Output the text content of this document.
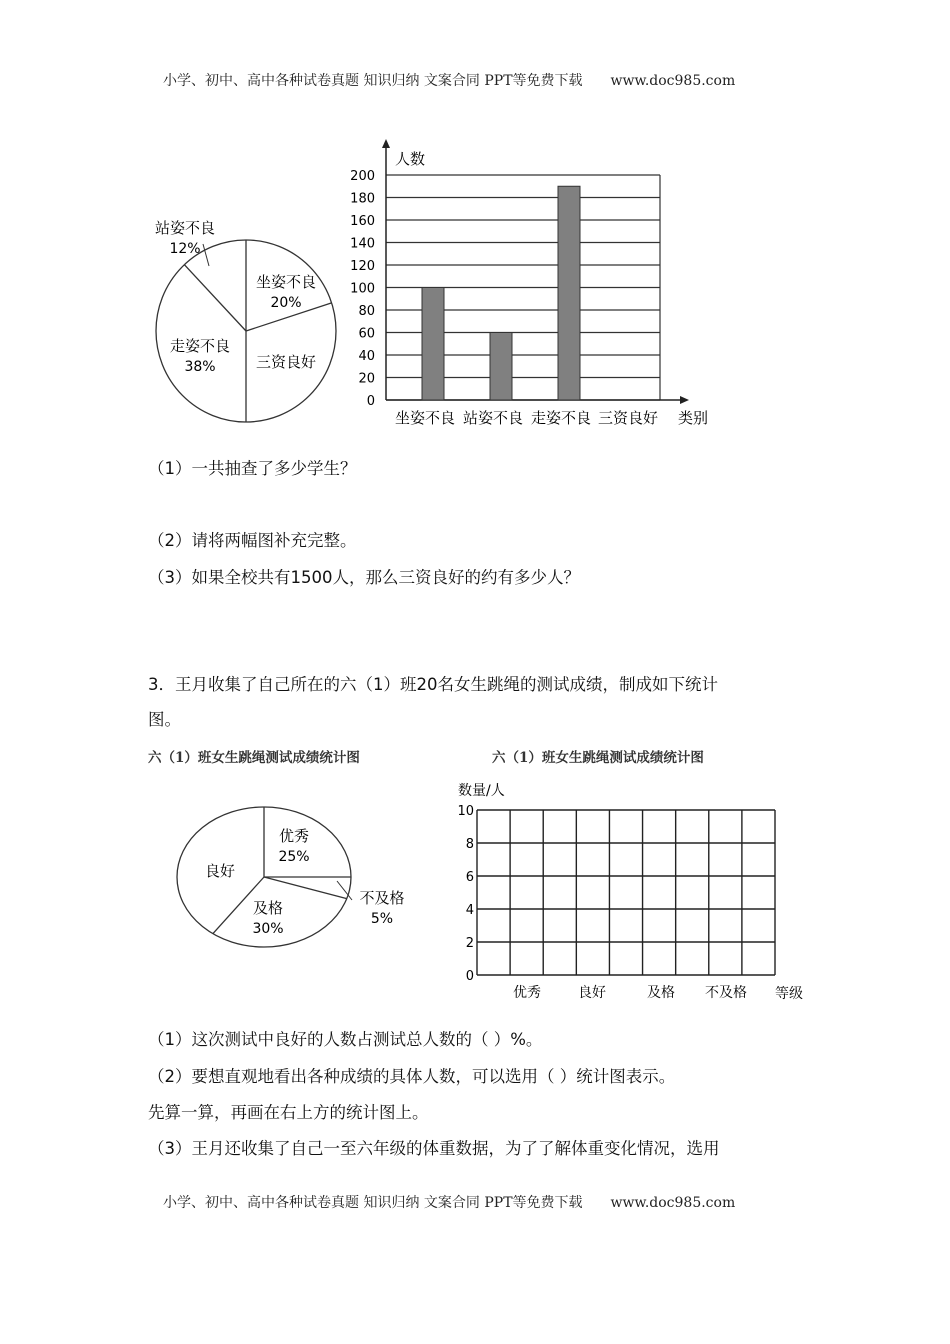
小学、初中、高中各种试卷真题 知识归纳 文案合同 PPT等免费下载 www.doc985.com
坐姿不良
20%
三资良好
走姿不良
38%
站姿不良
12%
0
20
40
60
80
100
120
140
160
180
200
人数
坐姿不良 站姿不良 走姿不良 三资良好 类别
优秀
25%
不及格
5%
及格
30%
良好
0
2
4
6
8
10
数量/人
优秀	良好	及格 不及格 等级
（1）一共抽查了多少学生？
（2）请将两幅图补充完整。
（3）如果全校共有1500人，那么三资良好的约有多少人？
3．王月收集了自己所在的六（1）班20名女生跳绳的测试成绩，制成如下统计
图。
六（1）班女生跳绳测试成绩统计图	六（1）班女生跳绳测试成绩统计图
（1）这次测试中良好的人数占测试总人数的（ ）%。
（2）要想直观地看出各种成绩的具体人数，可以选用（ ）统计图表示。
先算一算，再画在右上方的统计图上。
（3）王月还收集了自己一至六年级的体重数据，为了了解体重变化情况，选用
小学、初中、高中各种试卷真题 知识归纳 文案合同 PPT等免费下载 www.doc985.com
